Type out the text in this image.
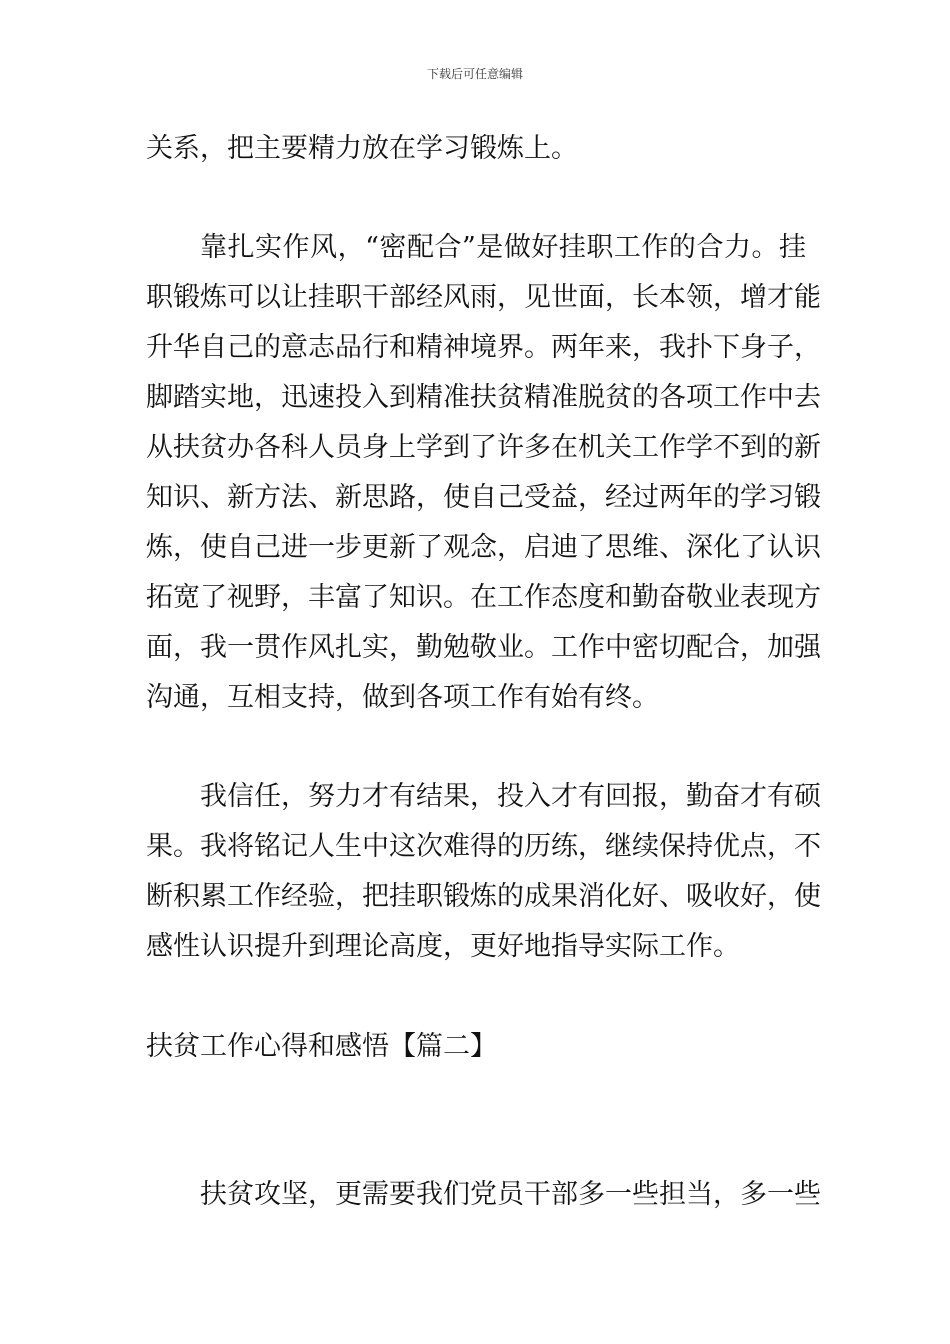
下载后可任意编辑
关系，把主要精力放在学习锻炼上。
靠扎实作风，“密配合”是做好挂职工作的合力。挂
职锻炼可以让挂职干部经风雨，见世面，长本领，增才能
升华自己的意志品行和精神境界。两年来，我扑下身子，
脚踏实地，迅速投入到精准扶贫精准脱贫的各项工作中去
从扶贫办各科人员身上学到了许多在机关工作学不到的新
知识、新方法、新思路，使自己受益，经过两年的学习锻
炼，使自己进一步更新了观念，启迪了思维、深化了认识
拓宽了视野，丰富了知识。在工作态度和勤奋敬业表现方
面，我一贯作风扎实，勤勉敬业。工作中密切配合，加强
沟通，互相支持，做到各项工作有始有终。
我信任，努力才有结果，投入才有回报，勤奋才有硕
果。我将铭记人生中这次难得的历练，继续保持优点，不
断积累工作经验，把挂职锻炼的成果消化好、吸收好，使
感性认识提升到理论高度，更好地指导实际工作。
扶贫工作心得和感悟【篇二】
扶贫攻坚，更需要我们党员干部多一些担当，多一些
